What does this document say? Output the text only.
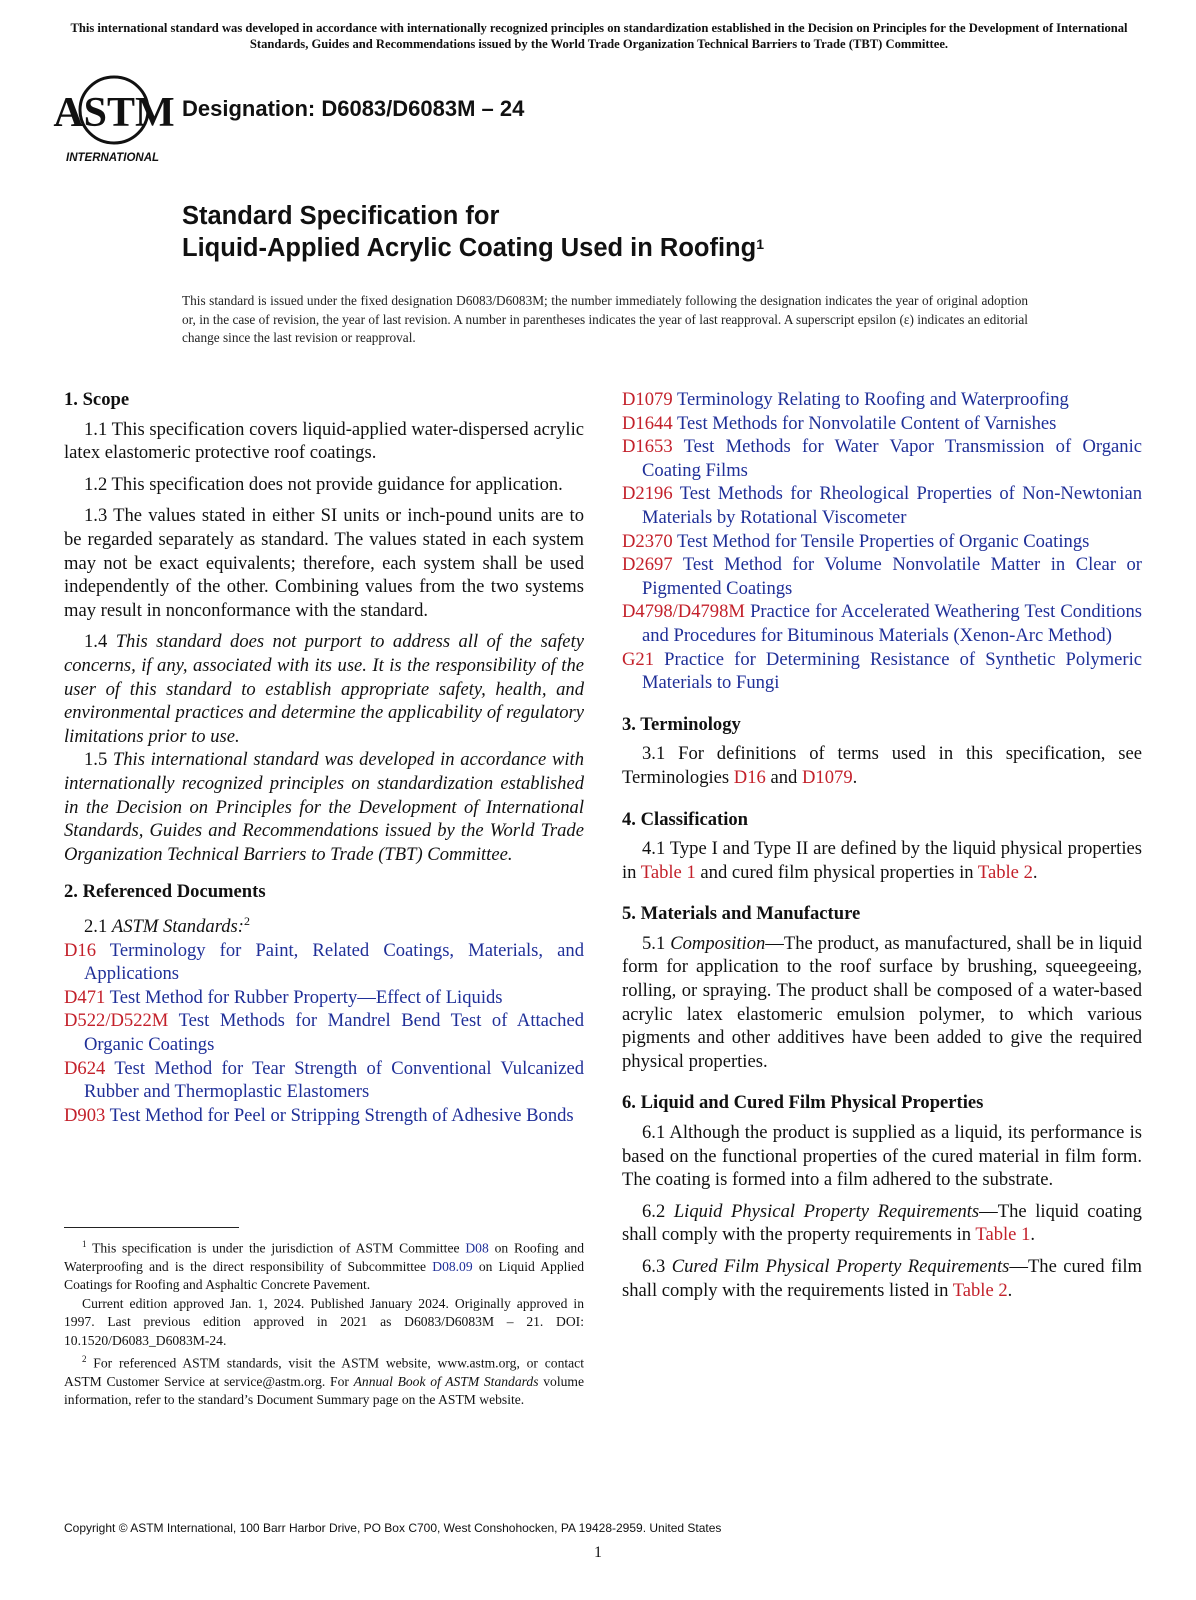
This international standard was developed in accordance with internationally recognized principles on standardization established in the Decision on Principles for the Development of International Standards, Guides and Recommendations issued by the World Trade Organization Technical Barriers to Trade (TBT) Committee.
ASTM
INTERNATIONAL
Designation: D6083/D6083M – 24
Standard Specification for
Liquid-Applied Acrylic Coating Used in Roofing$^1$
This standard is issued under the fixed designation D6083/D6083M; the number immediately following the designation indicates the year of original adoption or, in the case of revision, the year of last revision. A number in parentheses indicates the year of last reapproval. A superscript epsilon (ε) indicates an editorial change since the last revision or reapproval.
1. Scope

1.1 This specification covers liquid-applied water-dispersed acrylic latex elastomeric protective roof coatings.

1.2 This specification does not provide guidance for application.

1.3 The values stated in either SI units or inch-pound units are to be regarded separately as standard. The values stated in each system may not be exact equivalents; therefore, each system shall be used independently of the other. Combining values from the two systems may result in nonconformance with the standard.

1.4 This standard does not purport to address all of the safety concerns, if any, associated with its use. It is the responsibility of the user of this standard to establish appropriate safety, health, and environmental practices and determine the applicability of regulatory limitations prior to use.

1.5 This international standard was developed in accordance with internationally recognized principles on standardization established in the Decision on Principles for the Development of International Standards, Guides and Recommendations issued by the World Trade Organization Technical Barriers to Trade (TBT) Committee.

2. Referenced Documents

2.1 ASTM Standards:$^2$

D16 Terminology for Paint, Related Coatings, Materials, and Applications

D471 Test Method for Rubber Property—Effect of Liquids

D522/D522M Test Methods for Mandrel Bend Test of Attached Organic Coatings

D624 Test Method for Tear Strength of Conventional Vulcanized Rubber and Thermoplastic Elastomers

D903 Test Method for Peel or Stripping Strength of Adhesive Bonds

D1079 Terminology Relating to Roofing and Waterproofing

D1644 Test Methods for Nonvolatile Content of Varnishes

D1653 Test Methods for Water Vapor Transmission of Organic Coating Films

D2196 Test Methods for Rheological Properties of Non-Newtonian Materials by Rotational Viscometer

D2370 Test Method for Tensile Properties of Organic Coatings

D2697 Test Method for Volume Nonvolatile Matter in Clear or Pigmented Coatings

D4798/D4798M Practice for Accelerated Weathering Test Conditions and Procedures for Bituminous Materials (Xenon-Arc Method)

G21 Practice for Determining Resistance of Synthetic Polymeric Materials to Fungi

3. Terminology

3.1 For definitions of terms used in this specification, see Terminologies D16 and D1079.

4. Classification

4.1 Type I and Type II are defined by the liquid physical properties in Table 1 and cured film physical properties in Table 2.

5. Materials and Manufacture

5.1 Composition—The product, as manufactured, shall be in liquid form for application to the roof surface by brushing, squeegeeing, rolling, or spraying. The product shall be composed of a water-based acrylic latex elastomeric emulsion polymer, to which various pigments and other additives have been added to give the required physical properties.

6. Liquid and Cured Film Physical Properties

6.1 Although the product is supplied as a liquid, its performance is based on the functional properties of the cured material in film form. The coating is formed into a film adhered to the substrate.

6.2 Liquid Physical Property Requirements—The liquid coating shall comply with the property requirements in Table 1.

6.3 Cured Film Physical Property Requirements—The cured film shall comply with the requirements listed in Table 2.

$^1$ This specification is under the jurisdiction of ASTM Committee D08 on Roofing and Waterproofing and is the direct responsibility of Subcommittee D08.09 on Liquid Applied Coatings for Roofing and Asphaltic Concrete Pavement.

Current edition approved Jan. 1, 2024. Published January 2024. Originally approved in 1997. Last previous edition approved in 2021 as D6083/D6083M – 21. DOI: 10.1520/D6083_D6083M-24.

$^2$ For referenced ASTM standards, visit the ASTM website, www.astm.org, or contact ASTM Customer Service at service@astm.org. For Annual Book of ASTM Standards volume information, refer to the standard’s Document Summary page on the ASTM website.

Copyright © ASTM International, 100 Barr Harbor Drive, PO Box C700, West Conshohocken, PA 19428-2959. United States
1
